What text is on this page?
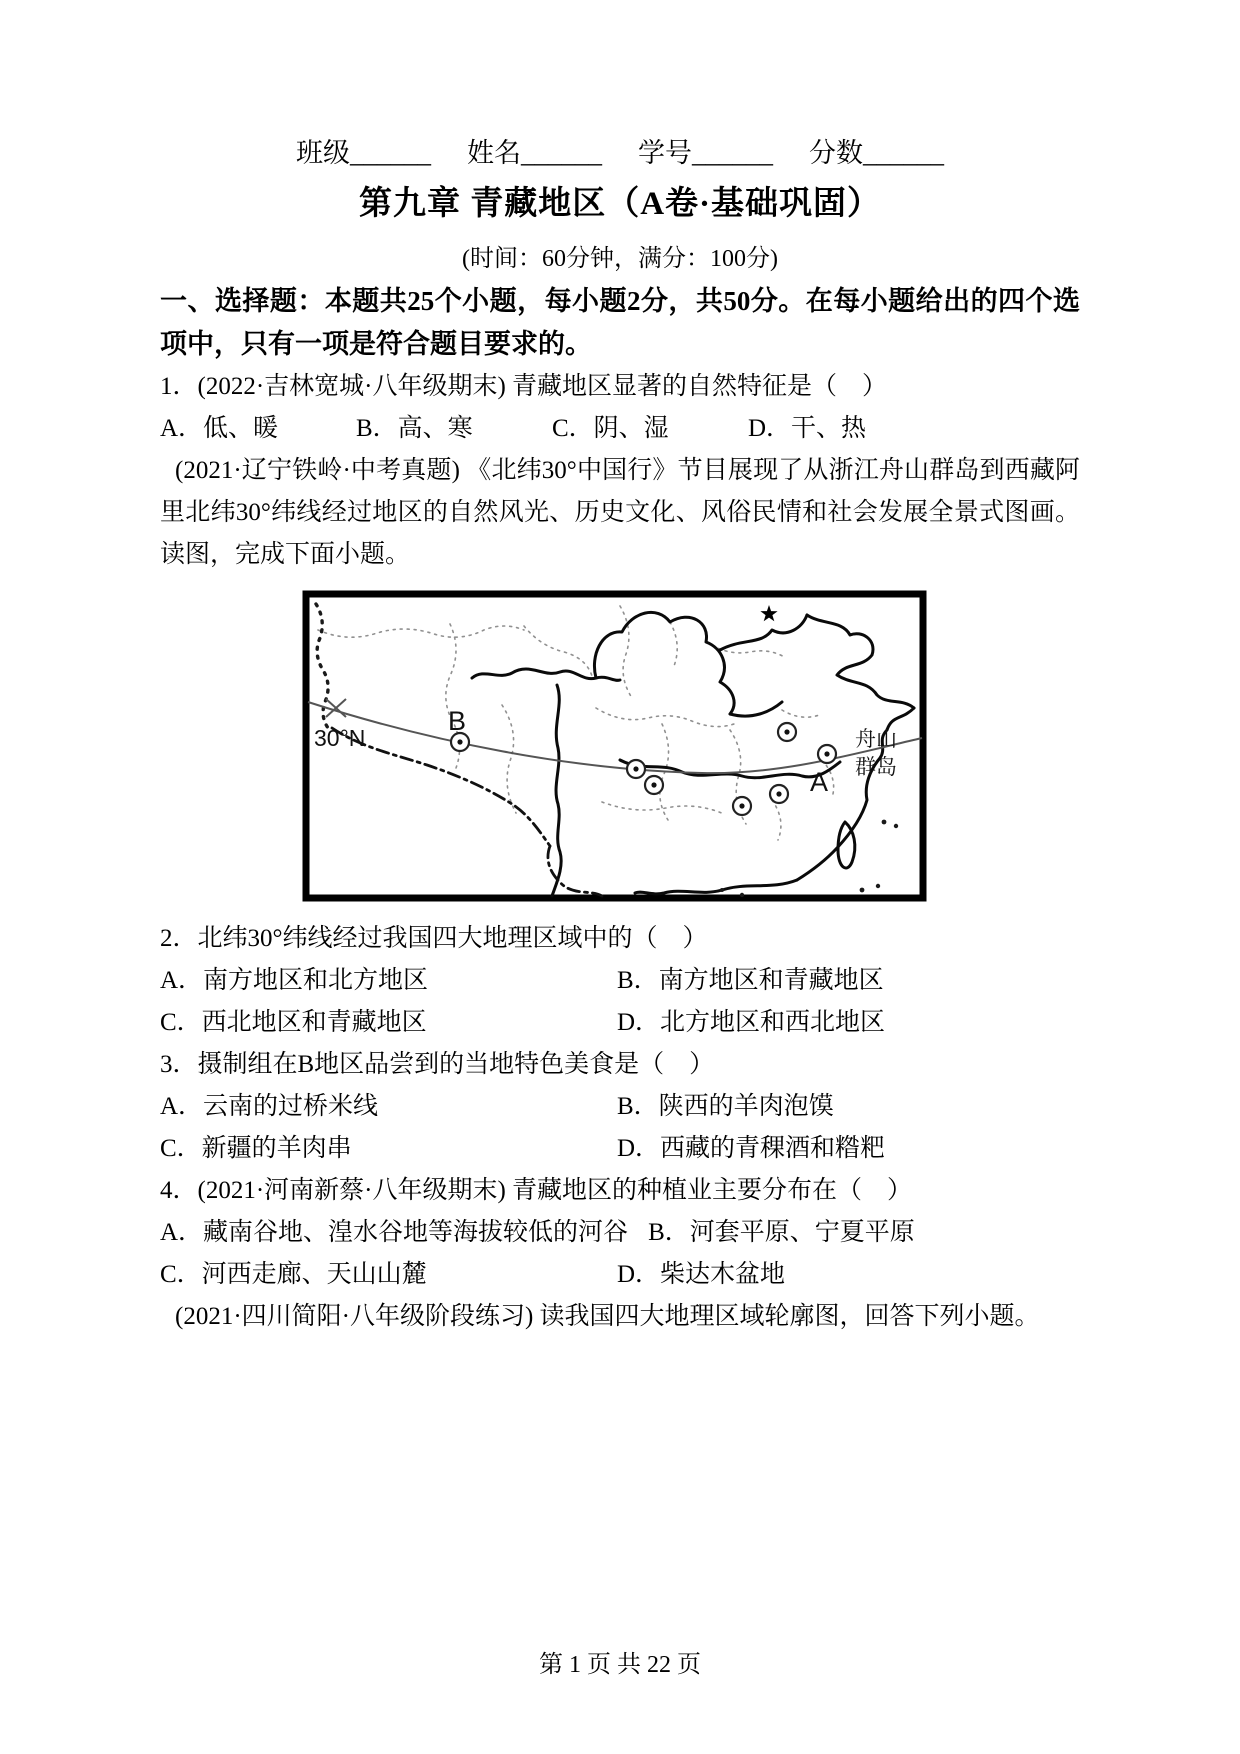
班级______ 姓名______ 学号______ 分数______
第九章 青藏地区（A卷·基础巩固）
(时间：60分钟，满分：100分)
一、选择题：本题共25个小题，每小题2分，共50分。在每小题给出的四个选项中，只有一项是符合题目要求的。
1．(2022·吉林宽城·八年级期末) 青藏地区显著的自然特征是（　）
A．低、暖	B．高、寒	C．阴、湿	D．干、热
(2021·辽宁铁岭·中考真题) 《北纬30°中国行》节目展现了从浙江舟山群岛到西藏阿里北纬30°纬线经过地区的自然风光、历史文化、风俗民情和社会发展全景式图画。读图，完成下面小题。
30°N
B
A
舟山
群岛
2．北纬30°纬线经过我国四大地理区域中的（　）
A．南方地区和北方地区	B．南方地区和青藏地区
C．西北地区和青藏地区	D．北方地区和西北地区
3．摄制组在B地区品尝到的当地特色美食是（　）
A．云南的过桥米线	B．陕西的羊肉泡馍
C．新疆的羊肉串	D．西藏的青稞酒和糌粑
4．(2021·河南新蔡·八年级期末) 青藏地区的种植业主要分布在（　）
A．藏南谷地、湟水谷地等海拔较低的河谷 B．河套平原、宁夏平原
C．河西走廊、天山山麓	D．柴达木盆地
(2021·四川简阳·八年级阶段练习) 读我国四大地理区域轮廓图，回答下列小题。
第 1 页 共 22 页
